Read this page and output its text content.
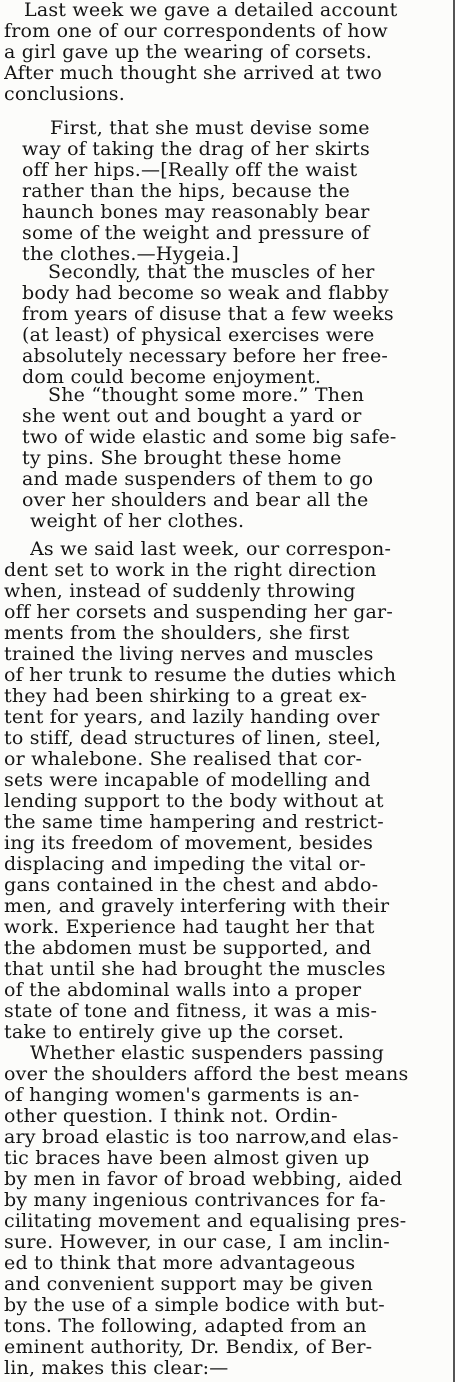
Last week we gave a detailed account

from one of our correspondents of how

a girl gave up the wearing of corsets.

After much thought she arrived at two

conclusions.

First, that she must devise some

way of taking the drag of her skirts

off her hips.—[Really off the waist

rather than the hips, because the

haunch bones may reasonably bear

some of the weight and pressure of

the clothes.—Hygeia.]

Secondly, that the muscles of her

body had become so weak and flabby

from years of disuse that a few weeks

(at least) of physical exercises were

absolutely necessary before her free-

dom could become enjoyment.

She “thought some more.” Then

she went out and bought a yard or

two of wide elastic and some big safe-

ty pins. She brought these home

and made suspenders of them to go

over her shoulders and bear all the

weight of her clothes.

As we said last week, our correspon-

dent set to work in the right direction

when, instead of suddenly throwing

off her corsets and suspending her gar-

ments from the shoulders, she first

trained the living nerves and muscles

of her trunk to resume the duties which

they had been shirking to a great ex-

tent for years, and lazily handing over

to stiff, dead structures of linen, steel,

or whalebone. She realised that cor-

sets were incapable of modelling and

lending support to the body without at

the same time hampering and restrict-

ing its freedom of movement, besides

displacing and impeding the vital or-

gans contained in the chest and abdo-

men, and gravely interfering with their

work. Experience had taught her that

the abdomen must be supported, and

that until she had brought the muscles

of the abdominal walls into a proper

state of tone and fitness, it was a mis-

take to entirely give up the corset.

Whether elastic suspenders passing

over the shoulders afford the best means

of hanging women's garments is an-

other question. I think not. Ordin-

ary broad elastic is too narrow,and elas-

tic braces have been almost given up

by men in favor of broad webbing, aided

by many ingenious contrivances for fa-

cilitating movement and equalising pres-

sure. However, in our case, I am inclin-

ed to think that more advantageous

and convenient support may be given

by the use of a simple bodice with but-

tons. The following, adapted from an

eminent authority, Dr. Bendix, of Ber-

lin, makes this clear:—
